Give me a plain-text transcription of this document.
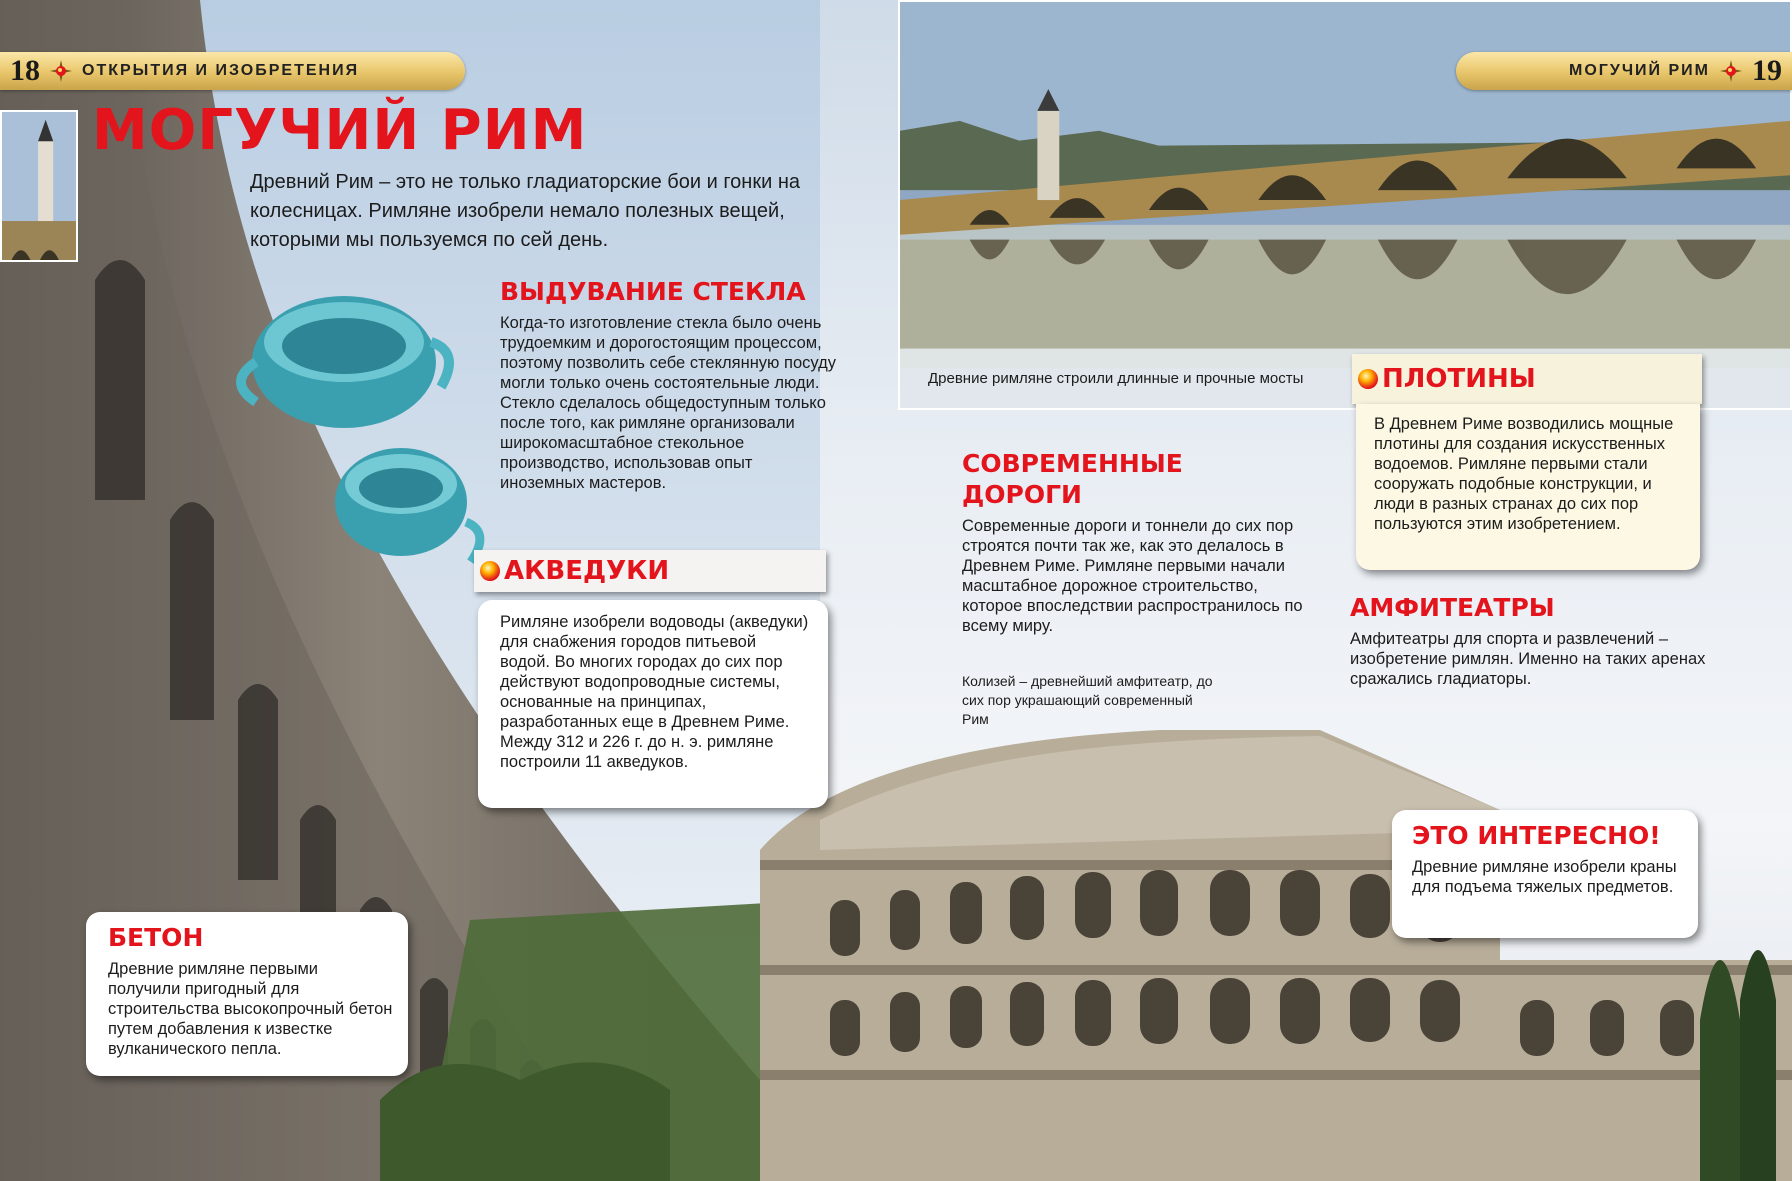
Древние римляне строили длинные и прочные мосты

18	ОТКРЫТИЯ И ИЗОБРЕТЕНИЯ	МОГУЧИЙ РИМ	19
МОГУЧИЙ РИМ

Древний Рим – это не только гладиаторские бои и гонки на колесницах. Римляне изобрели немало полезных вещей, которыми мы пользуемся по сей день.

ВЫДУВАНИЕ СТЕКЛА

Когда-то изготовление стекла было очень трудоемким и дорогостоящим процессом, поэтому позволить себе стеклянную посуду могли только очень состоятельные люди. Стекло сделалось общедоступным только после того, как римляне организовали широкомасштабное стекольное производство, использовав опыт иноземных мастеров.

АКВЕДУКИ

Римляне изобрели водоводы (акведуки) для снабжения городов питьевой водой. Во многих городах до сих пор действуют водопроводные системы, основанные на принципах, разработанных еще в Древнем Риме. Между 312 и 226 г. до н. э. римляне построили 11 акведуков.

БЕТОН

Древние римляне первыми получили пригодный для строительства высокопрочный бетон путем добавления к известке вулканического пепла.

ПЛОТИНЫ

В Древнем Риме возводились мощные плотины для создания искусственных водоемов. Римляне первыми стали сооружать подобные конструкции, и люди в разных странах до сих пор пользуются этим изобретением.

СОВРЕМЕННЫЕ
ДОРОГИ

Современные дороги и тоннели до сих пор строятся почти так же, как это делалось в Древнем Риме. Римляне первыми начали масштабное дорожное строительство, которое впоследствии распространилось по всему миру.

Колизей – древнейший амфитеатр, до сих пор украшающий современный Рим

АМФИТЕАТРЫ

Амфитеатры для спорта и развлечений – изобретение римлян. Именно на таких аренах сражались гладиаторы.

ЭТО ИНТЕРЕСНО!

Древние римляне изобрели краны для подъема тяжелых предметов.
